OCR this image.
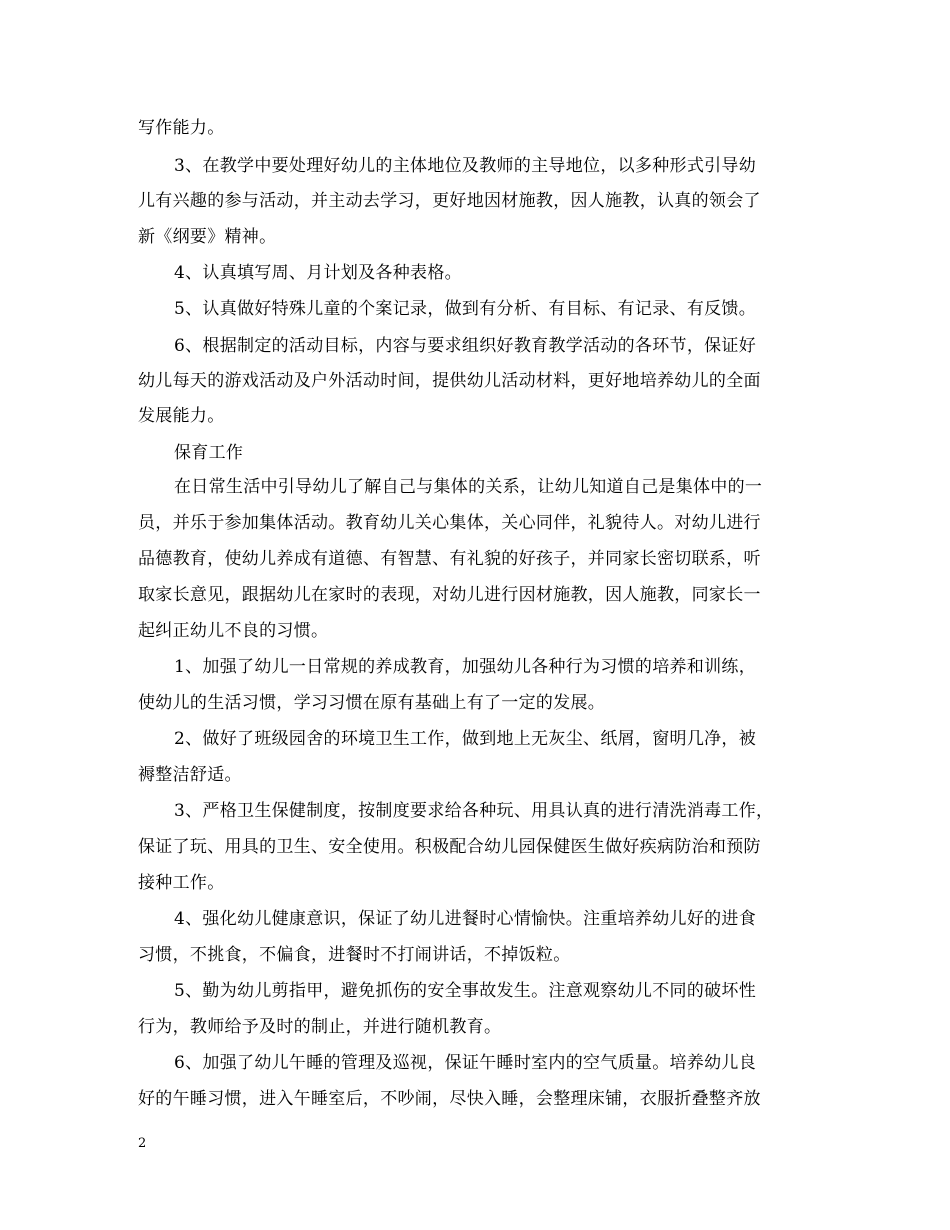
写作能力。
3、在教学中要处理好幼儿的主体地位及教师的主导地位，以多种形式引导幼
儿有兴趣的参与活动，并主动去学习，更好地因材施教，因人施教，认真的领会了
新《纲要》精神。
4、认真填写周、月计划及各种表格。
5、认真做好特殊儿童的个案记录，做到有分析、有目标、有记录、有反馈。
6、根据制定的活动目标，内容与要求组织好教育教学活动的各环节，保证好
幼儿每天的游戏活动及户外活动时间，提供幼儿活动材料，更好地培养幼儿的全面
发展能力。
保育工作
在日常生活中引导幼儿了解自己与集体的关系，让幼儿知道自己是集体中的一
员，并乐于参加集体活动。教育幼儿关心集体，关心同伴，礼貌待人。对幼儿进行
品德教育，使幼儿养成有道德、有智慧、有礼貌的好孩子，并同家长密切联系，听
取家长意见，跟据幼儿在家时的表现，对幼儿进行因材施教，因人施教，同家长一
起纠正幼儿不良的习惯。
1、加强了幼儿一日常规的养成教育，加强幼儿各种行为习惯的培养和训练，
使幼儿的生活习惯，学习习惯在原有基础上有了一定的发展。
2、做好了班级园舍的环境卫生工作，做到地上无灰尘、纸屑，窗明几净，被
褥整洁舒适。
3、严格卫生保健制度，按制度要求给各种玩、用具认真的进行清洗消毒工作，
保证了玩、用具的卫生、安全使用。积极配合幼儿园保健医生做好疾病防治和预防
接种工作。
4、强化幼儿健康意识，保证了幼儿进餐时心情愉快。注重培养幼儿好的进食
习惯，不挑食，不偏食，进餐时不打闹讲话，不掉饭粒。
5、勤为幼儿剪指甲，避免抓伤的安全事故发生。注意观察幼儿不同的破坏性
行为，教师给予及时的制止，并进行随机教育。
6、加强了幼儿午睡的管理及巡视，保证午睡时室内的空气质量。培养幼儿良
好的午睡习惯，进入午睡室后，不吵闹，尽快入睡，会整理床铺，衣服折叠整齐放
2
